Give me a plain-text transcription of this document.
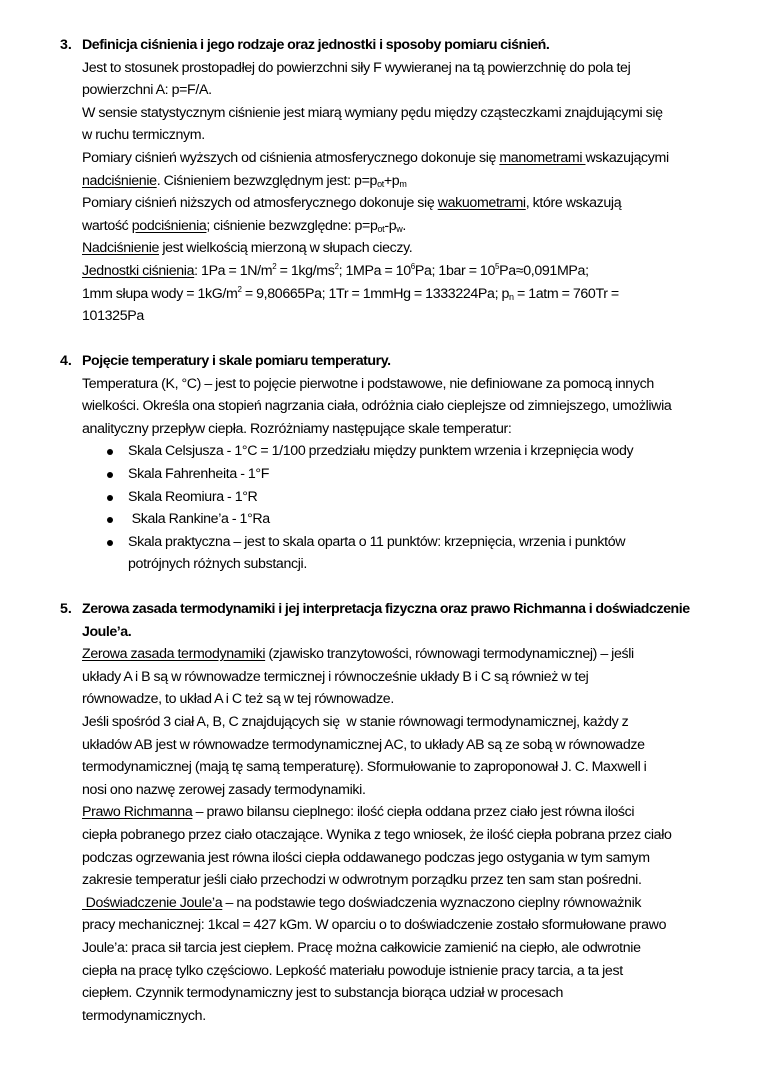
3. Definicja ciśnienia i jego rodzaje oraz jednostki i sposoby pomiaru ciśnień.
Jest to stosunek prostopadłej do powierzchni siły F wywieranej na tą powierzchnię do pola tej
powierzchni A: p=F/A.
W sensie statystycznym ciśnienie jest miarą wymiany pędu między cząsteczkami znajdującymi się
w ruchu termicznym.
Pomiary ciśnień wyższych od ciśnienia atmosferycznego dokonuje się manometrami wskazującymi
nadciśnienie. Ciśnieniem bezwzględnym jest: $p=p_{ot}+p_m$
Pomiary ciśnień niższych od atmosferycznego dokonuje się wakuometrami, które wskazują
wartość podciśnienia; ciśnienie bezwzględne: $p=p_{ot}-p_w$.
Nadciśnienie jest wielkością mierzoną w słupach cieczy.
Jednostki ciśnienia: $1Pa = 1N/m^2 = 1kg/ms^2$; $1MPa = 10^6Pa$; $1bar = 10^5Pa\approx 0,091MPa$;
1mm słupa wody = $1kG/m^2 = 9,80665Pa$; 1Tr = 1mmHg = 1333224Pa; $p_n = 1atm = 760Tr$ =
101325Pa
4. Pojęcie temperatury i skale pomiaru temperatury.
Temperatura (K, °C) – jest to pojęcie pierwotne i podstawowe, nie definiowane za pomocą innych
wielkości. Określa ona stopień nagrzania ciała, odróżnia ciało cieplejsze od zimniejszego, umożliwia
analityczny przepływ ciepła. Rozróżniamy następujące skale temperatur:
Skala Celsjusza - 1°C = 1/100 przedziału między punktem wrzenia i krzepnięcia wody
Skala Fahrenheita - 1°F
Skala Reomiura - 1°R
Skala Rankine’a - 1°Ra
Skala praktyczna – jest to skala oparta o 11 punktów: krzepnięcia, wrzenia i punktów
potrójnych różnych substancji.
5. Zerowa zasada termodynamiki i jej interpretacja fizyczna oraz prawo Richmanna i doświadczenie
Joule’a.
Zerowa zasada termodynamiki (zjawisko tranzytowości, równowagi termodynamicznej) – jeśli
układy A i B są w równowadze termicznej i równocześnie układy B i C są również w tej
równowadze, to układ A i C też są w tej równowadze.
Jeśli spośród 3 ciał A, B, C znajdujących się  w stanie równowagi termodynamicznej, każdy z
układów AB jest w równowadze termodynamicznej AC, to układy AB są ze sobą w równowadze
termodynamicznej (mają tę samą temperaturę). Sformułowanie to zaproponował J. C. Maxwell i
nosi ono nazwę zerowej zasady termodynamiki.
Prawo Richmanna – prawo bilansu cieplnego: ilość ciepła oddana przez ciało jest równa ilości
ciepła pobranego przez ciało otaczające. Wynika z tego wniosek, że ilość ciepła pobrana przez ciało
podczas ogrzewania jest równa ilości ciepła oddawanego podczas jego ostygania w tym samym
zakresie temperatur jeśli ciało przechodzi w odwrotnym porządku przez ten sam stan pośredni.
Doświadczenie Joule’a – na podstawie tego doświadczenia wyznaczono cieplny równoważnik
pracy mechanicznej: 1kcal = 427 kGm. W oparciu o to doświadczenie zostało sformułowane prawo
Joule’a: praca sił tarcia jest ciepłem. Pracę można całkowicie zamienić na ciepło, ale odwrotnie
ciepła na pracę tylko częściowo. Lepkość materiału powoduje istnienie pracy tarcia, a ta jest
ciepłem. Czynnik termodynamiczny jest to substancja biorąca udział w procesach
termodynamicznych.
